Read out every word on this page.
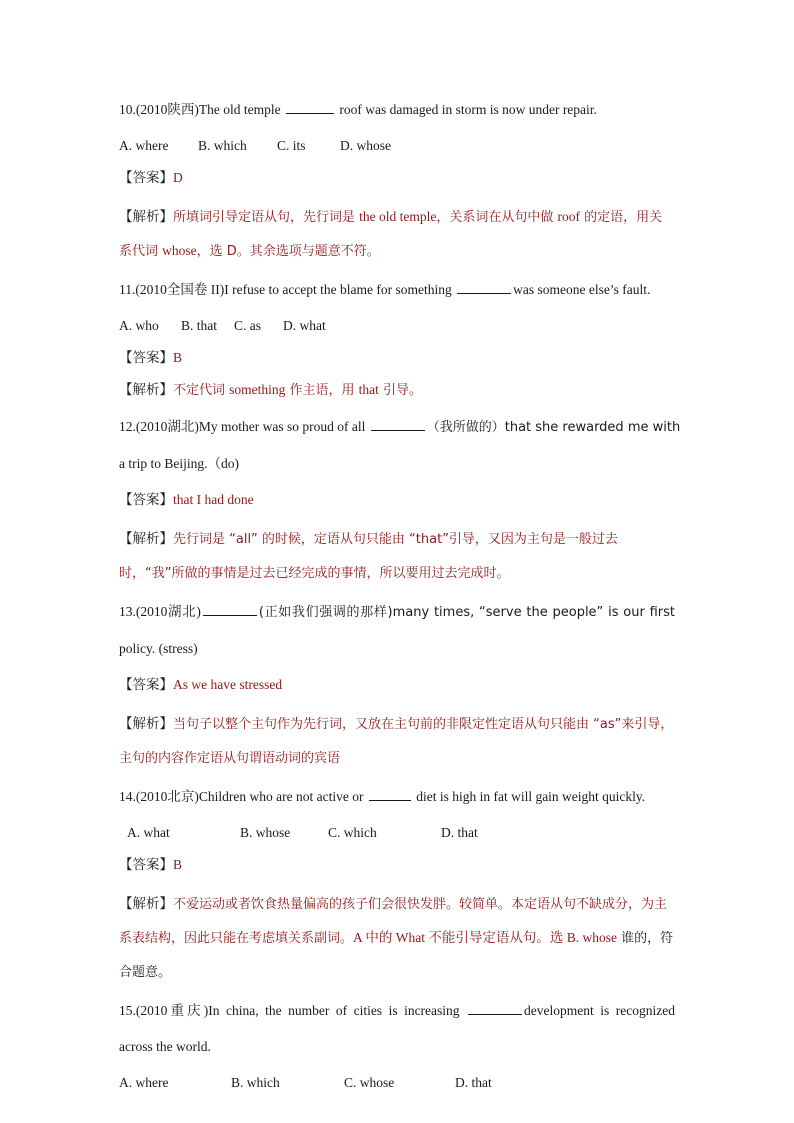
10.(2010陕西)The old temple	roof was damaged in storm is now under repair.
A. where B. which C. its	D. whose
【答案】D
【解析】所填词引导定语从句，先行词是 the old temple，关系词在从句中做 roof 的定语，用关系代词 whose，选 D。其余选项与题意不符。
11.(2010全国卷 II)I refuse to accept the blame for something	was someone else’s fault.
A. who B. that C. as D. what
【答案】B
【解析】不定代词 something 作主语，用 that 引导。
12.(2010湖北)My mother was so proud of all	（我所做的）that she rewarded me with
a trip to Beijing.（do)
【答案】that I had done
【解析】先行词是 “all” 的时候，定语从句只能由 “that”引导，又因为主句是一般过去时，“我”所做的事情是过去已经完成的事情，所以要用过去完成时。
13.(2010湖北)	(正如我们强调的那样)many times, “serve the people” is our first
policy. (stress)
【答案】As we have stressed
【解析】当句子以整个主句作为先行词，又放在主句前的非限定性定语从句只能由 “as”来引导，主句的内容作定语从句谓语动词的宾语
14.(2010北京)Children who are not active or	diet is high in fat will gain weight quickly.
A. what	B. whose	C. which	D. that
【答案】B
【解析】不爱运动或者饮食热量偏高的孩子们会很快发胖。较简单。本定语从句不缺成分，为主系表结构，因此只能在考虑填关系副词。A 中的 What 不能引导定语从句。选 B. whose 谁的，符合题意。
15.(2010重庆)In china, the number of cities is increasing	development is recognized
across the world.
A. where	B. which	C. whose	D. that
